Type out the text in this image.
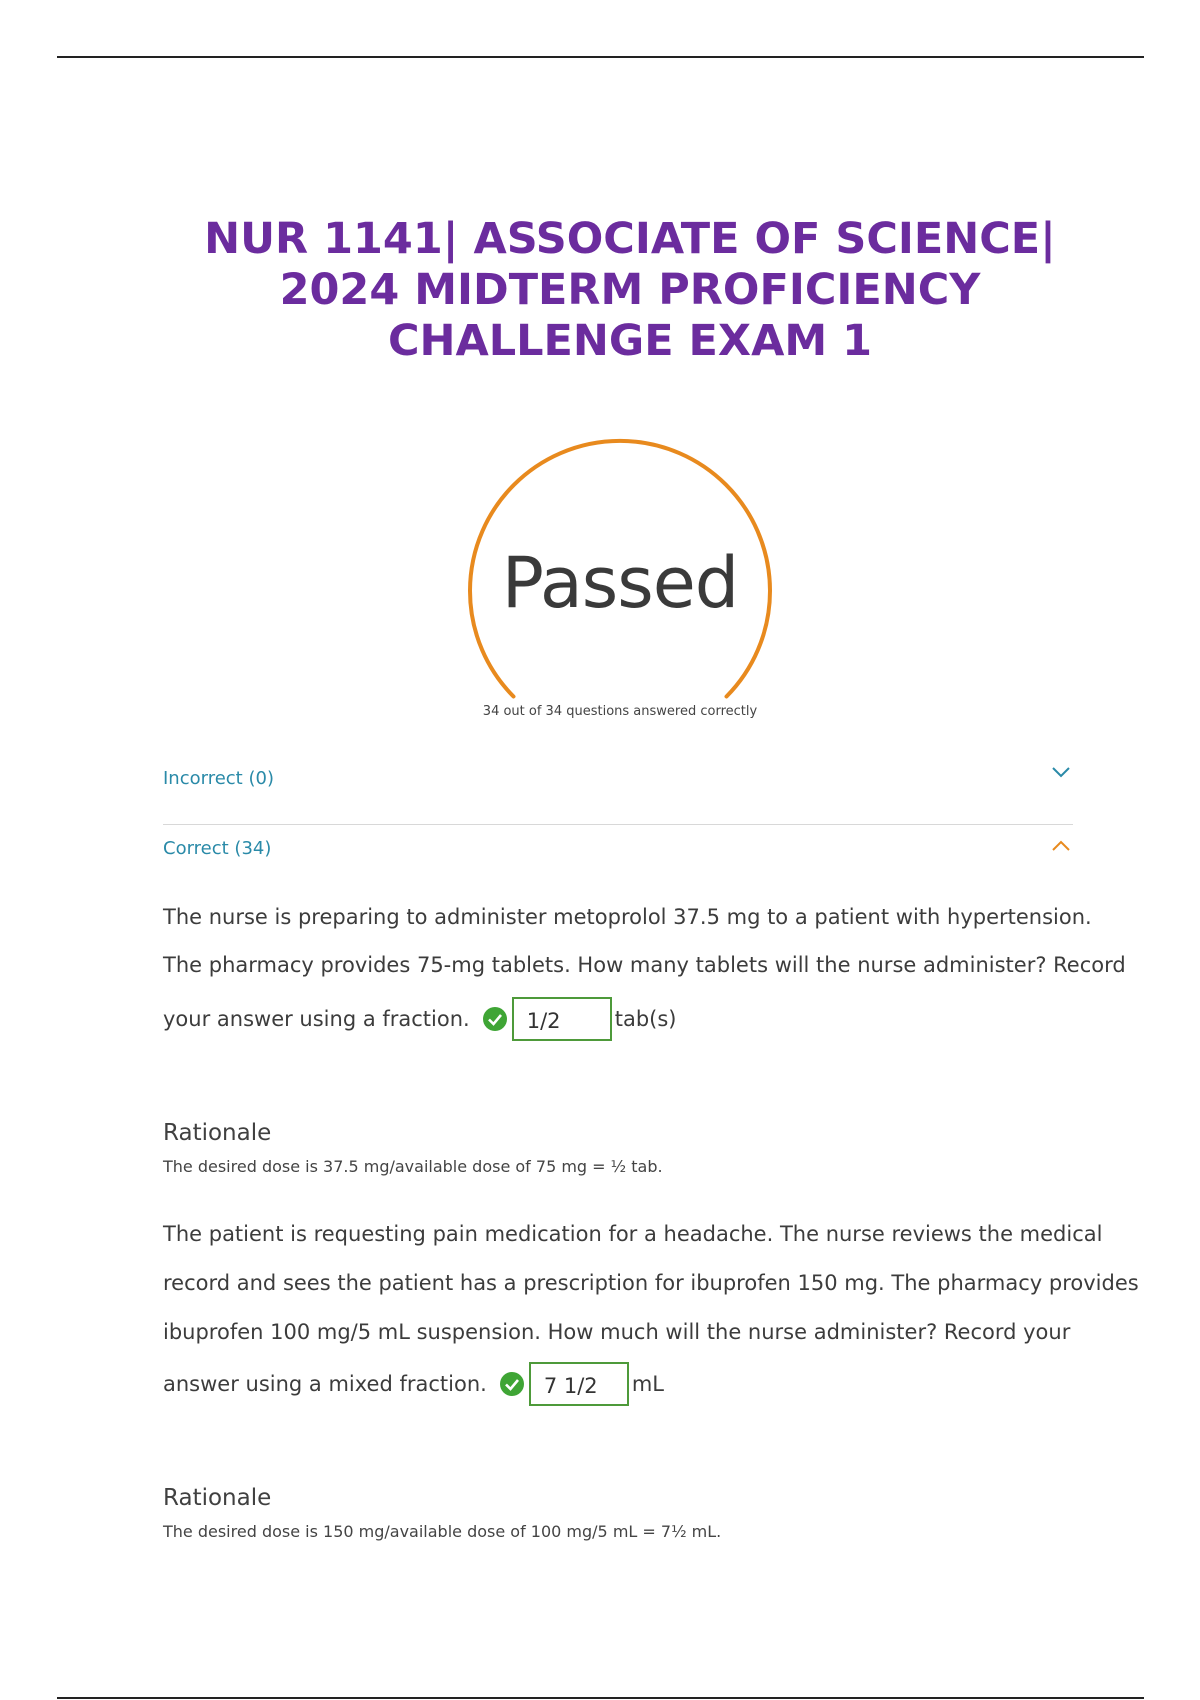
NUR 1141| ASSOCIATE OF SCIENCE|
2024 MIDTERM PROFICIENCY
CHALLENGE EXAM 1
Passed
34 out of 34 questions answered correctly
Incorrect (0)
Correct (34)
The nurse is preparing to administer metoprolol 37.5 mg to a patient with hypertension.
The pharmacy provides 75-mg tablets. How many tablets will the nurse administer? Record
your answer using a fraction.	1/2	tab(s)
Rationale
The desired dose is 37.5 mg/available dose of 75 mg = ½ tab.
The patient is requesting pain medication for a headache. The nurse reviews the medical
record and sees the patient has a prescription for ibuprofen 150 mg. The pharmacy provides
ibuprofen 100 mg/5 mL suspension. How much will the nurse administer? Record your
answer using a mixed fraction.	7 1/2	mL
Rationale
The desired dose is 150 mg/available dose of 100 mg/5 mL = 7½ mL.
